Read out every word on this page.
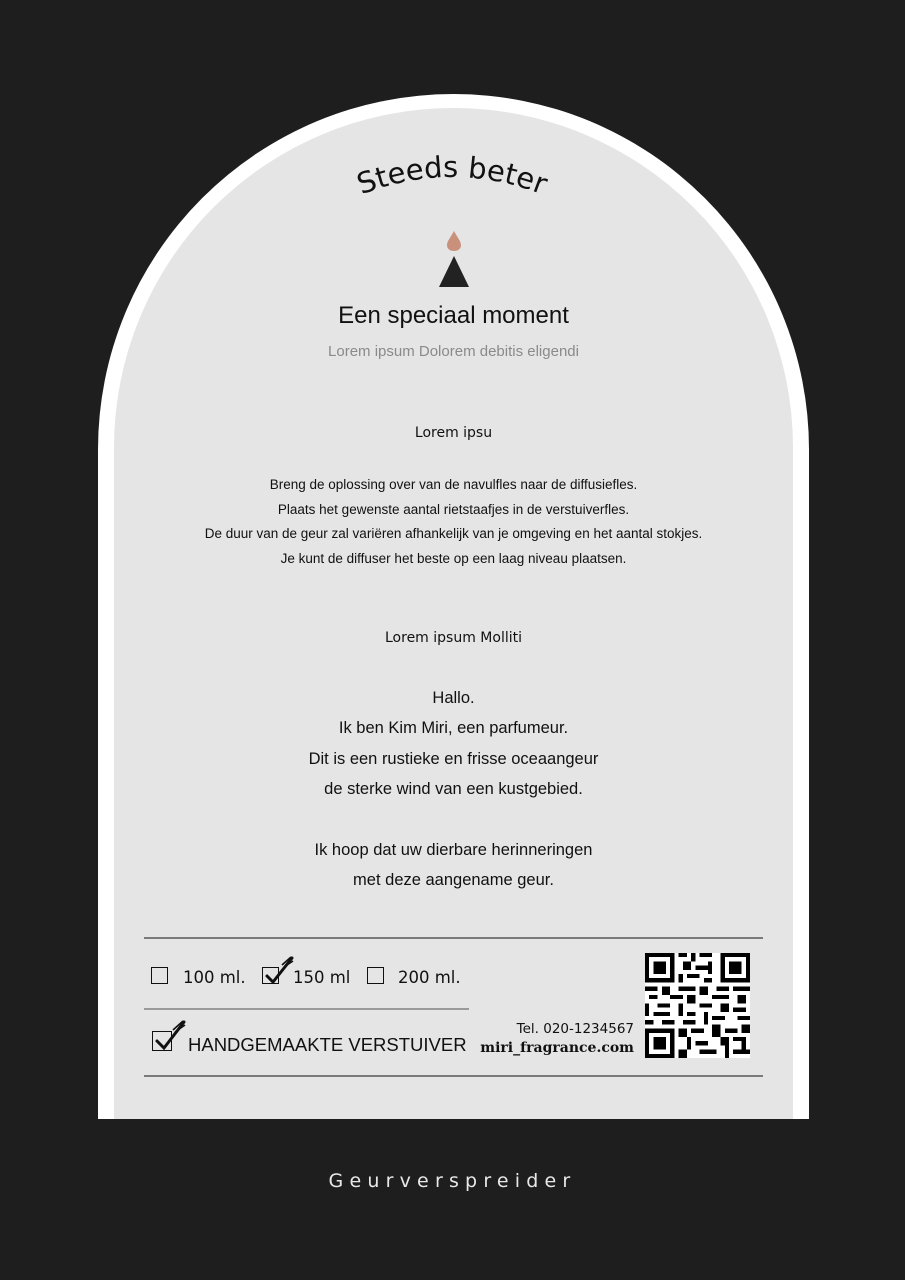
Steeds beter
Een speciaal moment
Lorem ipsum Dolorem debitis eligendi
Lorem ipsu
Breng de oplossing over van de navulfles naar de diffusiefles.
Plaats het gewenste aantal rietstaafjes in de verstuiverfles.
De duur van de geur zal variëren afhankelijk van je omgeving en het aantal stokjes.
Je kunt de diffuser het beste op een laag niveau plaatsen.
Lorem ipsum Molliti
Hallo.
Ik ben Kim Miri, een parfumeur.
Dit is een rustieke en frisse oceaangeur
de sterke wind van een kustgebied.
Ik hoop dat uw dierbare herinneringen
met deze aangename geur.
100 ml.	150 ml	200 ml.
HANDGEMAAKTE VERSTUIVER
Tel. 020-1234567
miri_fragrance.com
Geurverspreider
